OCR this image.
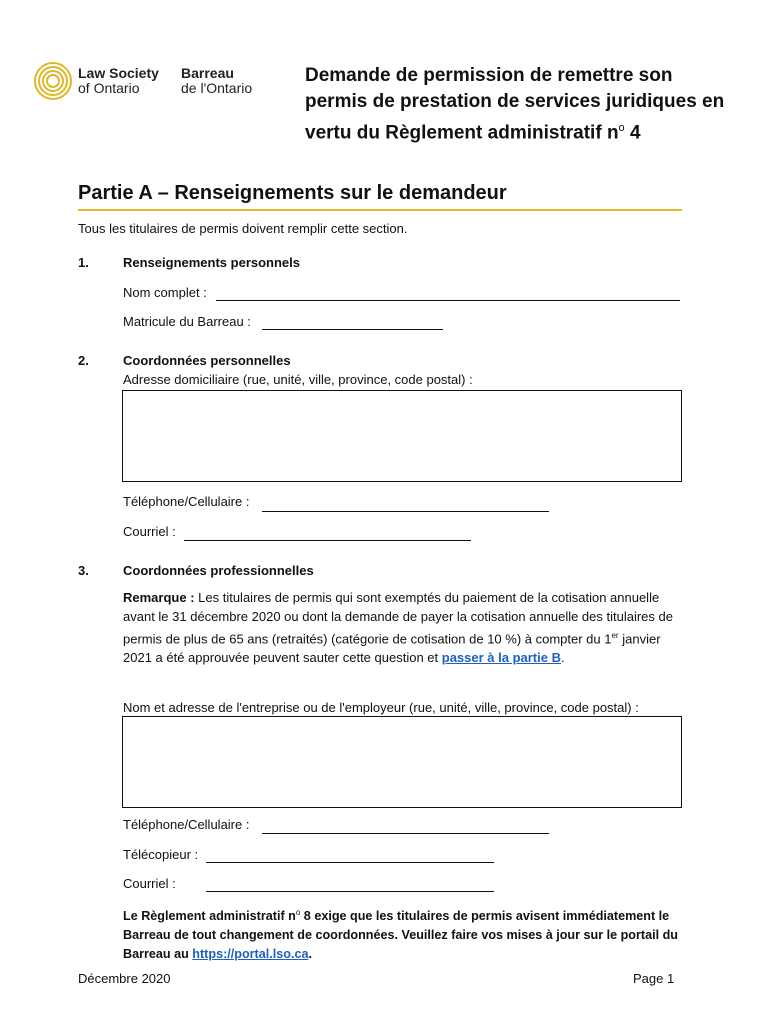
Law Society
of Ontario
Barreau
de l'Ontario
Demande de permission de remettre son permis de prestation de services juridiques en vertu du Règlement administratif $n^o$ 4
Partie A – Renseignements sur le demandeur
Tous les titulaires de permis doivent remplir cette section.
1.	Renseignements personnels
Nom complet :
Matricule du Barreau :
2.	Coordonnées personnelles
Adresse domiciliaire (rue, unité, ville, province, code postal) :
Téléphone/Cellulaire :
Courriel :
3.	Coordonnées professionnelles
Remarque : Les titulaires de permis qui sont exemptés du paiement de la cotisation annuelle avant le 31 décembre 2020 ou dont la demande de payer la cotisation annuelle des titulaires de permis de plus de 65 ans (retraités) (catégorie de cotisation de 10 %) à compter du 1er janvier 2021 a été approuvée peuvent sauter cette question et passer à la partie B.
Nom et adresse de l'entreprise ou de l'employeur (rue, unité, ville, province, code postal) :
Téléphone/Cellulaire :
Télécopieur :
Courriel :
Le Règlement administratif $n^o$ 8 exige que les titulaires de permis avisent immédiatement le Barreau de tout changement de coordonnées. Veuillez faire vos mises à jour sur le portail du Barreau au https://portal.lso.ca.
Décembre 2020	Page 1
